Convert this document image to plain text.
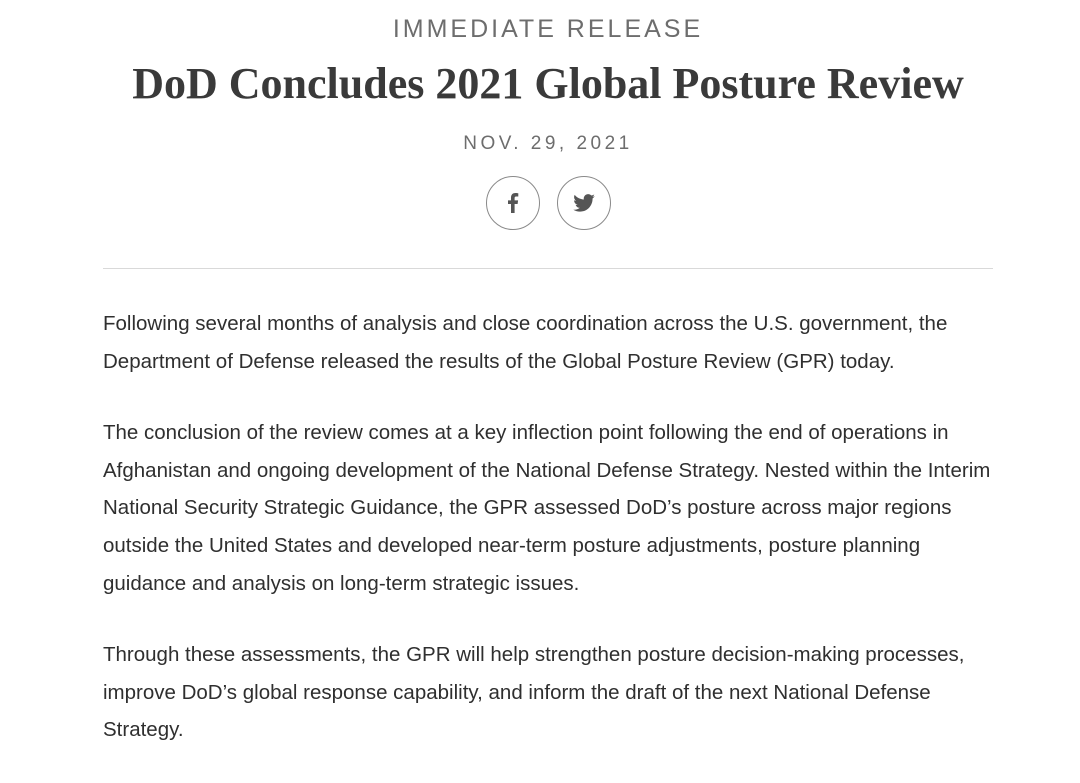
IMMEDIATE RELEASE
DoD Concludes 2021 Global Posture Review
NOV. 29, 2021

Following several months of analysis and close coordination across the U.S. government, the Department of Defense released the results of the Global Posture Review (GPR) today.

The conclusion of the review comes at a key inflection point following the end of operations in Afghanistan and ongoing development of the National Defense Strategy. Nested within the Interim National Security Strategic Guidance, the GPR assessed DoD’s posture across major regions outside the United States and developed near-term posture adjustments, posture planning guidance and analysis on long-term strategic issues.

Through these assessments, the GPR will help strengthen posture decision-making processes, improve DoD’s global response capability, and inform the draft of the next National Defense Strategy.
